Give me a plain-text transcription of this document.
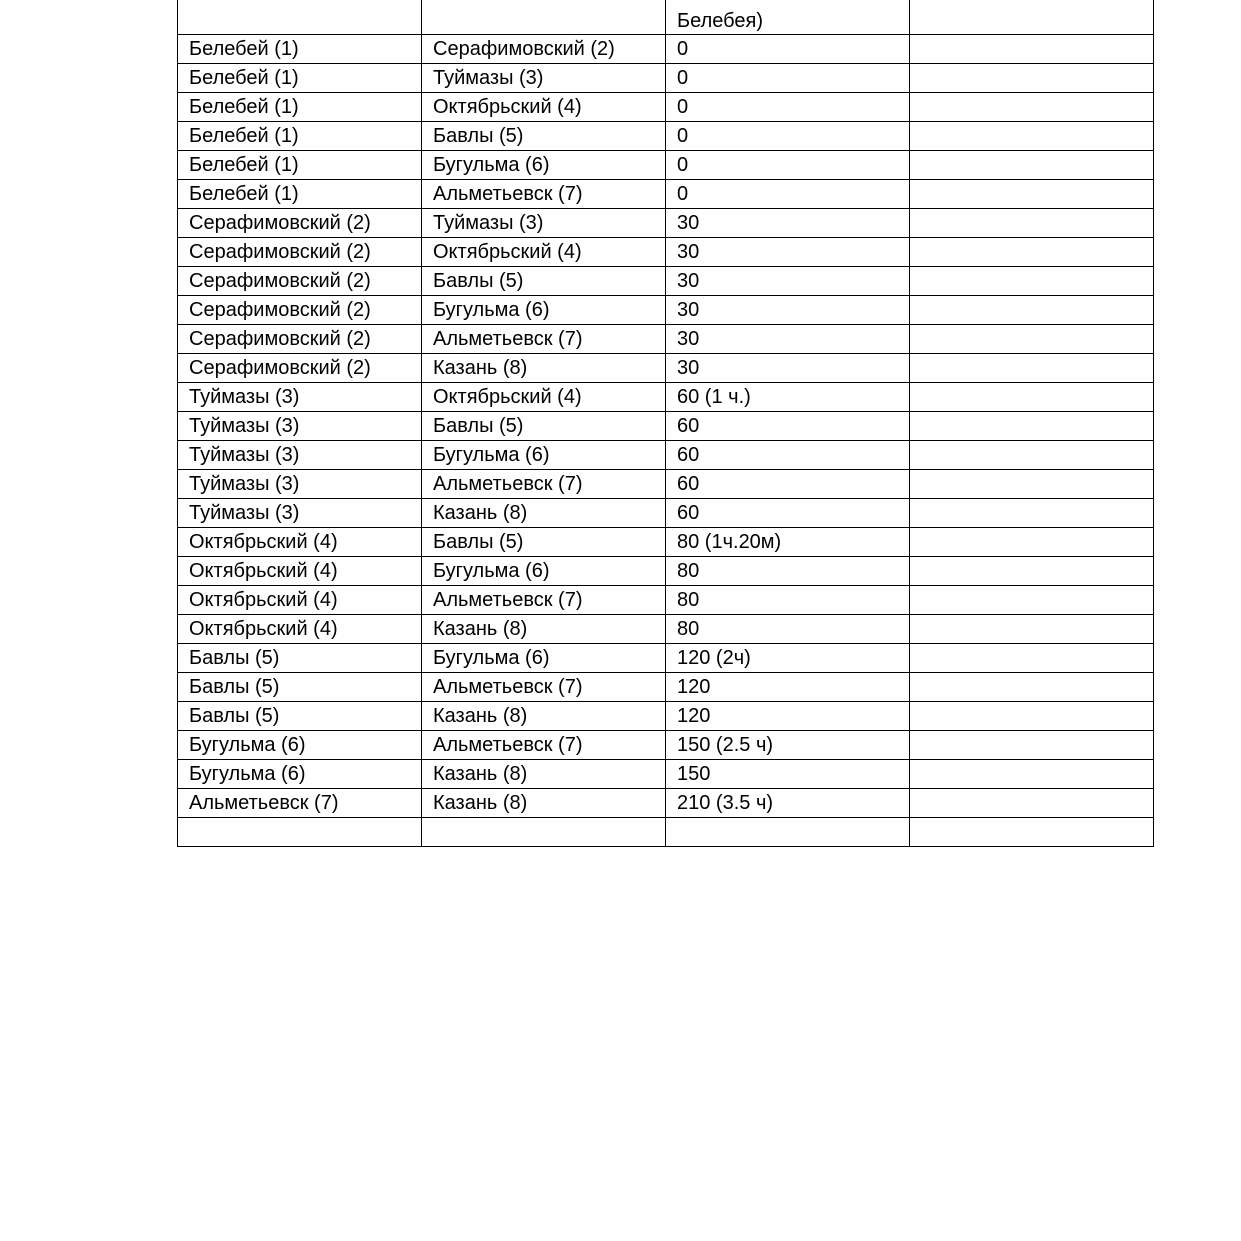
		Белебея)	
Белебей (1)	Серафимовский (2)	0	
Белебей (1)	Туймазы (3)	0	
Белебей (1)	Октябрьский (4)	0	
Белебей (1)	Бавлы (5)	0	
Белебей (1)	Бугульма (6)	0	
Белебей (1)	Альметьевск (7)	0	
Серафимовский (2)	Туймазы (3)	30	
Серафимовский (2)	Октябрьский (4)	30	
Серафимовский (2)	Бавлы (5)	30	
Серафимовский (2)	Бугульма (6)	30	
Серафимовский (2)	Альметьевск (7)	30	
Серафимовский (2)	Казань (8)	30	
Туймазы (3)	Октябрьский (4)	60 (1 ч.)	
Туймазы (3)	Бавлы (5)	60	
Туймазы (3)	Бугульма (6)	60	
Туймазы (3)	Альметьевск (7)	60	
Туймазы (3)	Казань (8)	60	
Октябрьский (4)	Бавлы (5)	80 (1ч.20м)	
Октябрьский (4)	Бугульма (6)	80	
Октябрьский (4)	Альметьевск (7)	80	
Октябрьский (4)	Казань (8)	80	
Бавлы (5)	Бугульма (6)	120 (2ч)	
Бавлы (5)	Альметьевск (7)	120	
Бавлы (5)	Казань (8)	120	
Бугульма (6)	Альметьевск (7)	150 (2.5 ч)	
Бугульма (6)	Казань (8)	150	
Альметьевск (7)	Казань (8)	210 (3.5 ч)	
